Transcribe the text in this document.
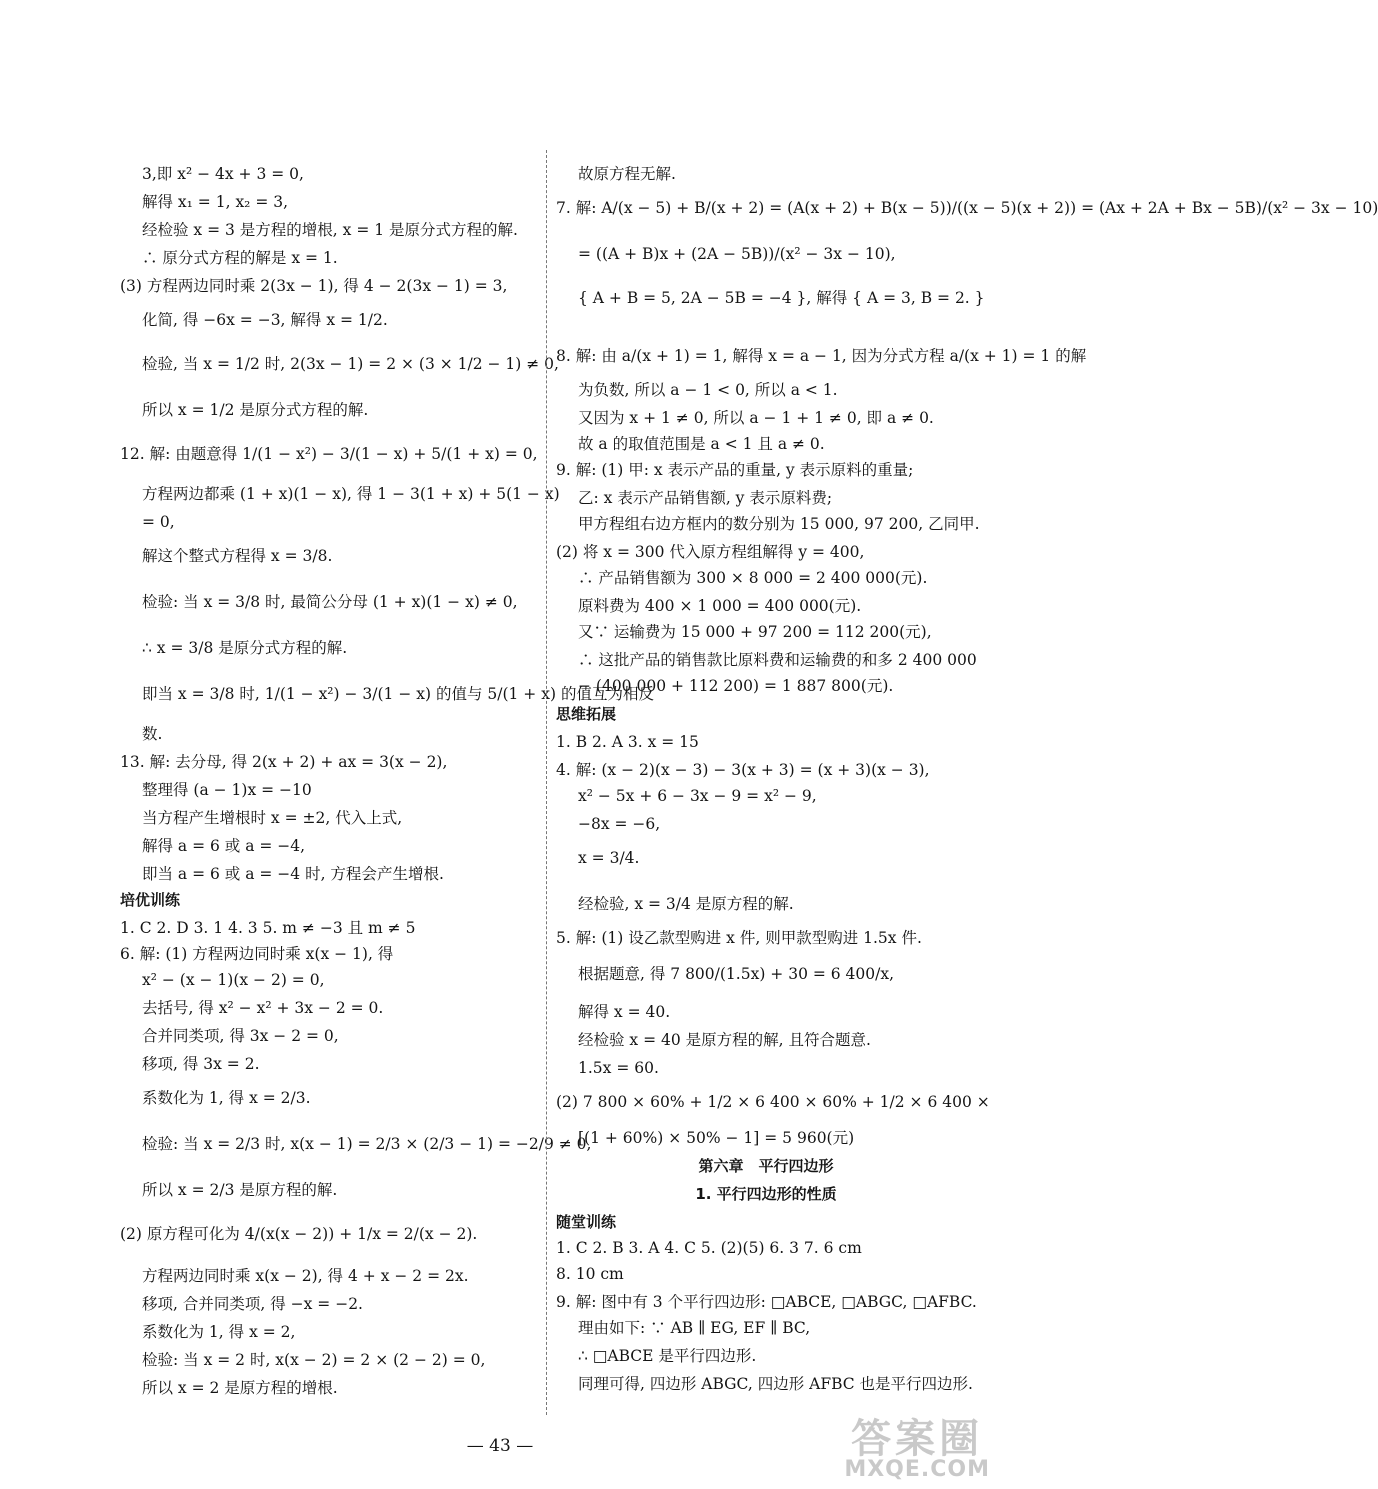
3,即 x² − 4x + 3 = 0,
解得 x₁ = 1, x₂ = 3,
经检验 x = 3 是方程的增根, x = 1 是原分式方程的解.
∴ 原分式方程的解是 x = 1.
(3) 方程两边同时乘 2(3x − 1), 得 4 − 2(3x − 1) = 3,
化简, 得 −6x = −3, 解得 x = 1/2.
检验, 当 x = 1/2 时, 2(3x − 1) = 2 × (3 × 1/2 − 1) ≠ 0,
所以 x = 1/2 是原分式方程的解.
12. 解: 由题意得 1/(1 − x²) − 3/(1 − x) + 5/(1 + x) = 0,
方程两边都乘 (1 + x)(1 − x), 得 1 − 3(1 + x) + 5(1 − x)
= 0,
解这个整式方程得 x = 3/8.
检验: 当 x = 3/8 时, 最简公分母 (1 + x)(1 − x) ≠ 0,
∴ x = 3/8 是原分式方程的解.
即当 x = 3/8 时, 1/(1 − x²) − 3/(1 − x) 的值与 5/(1 + x) 的值互为相反
数.
13. 解: 去分母, 得 2(x + 2) + ax = 3(x − 2),
整理得 (a − 1)x = −10
当方程产生增根时 x = ±2, 代入上式,
解得 a = 6 或 a = −4,
即当 a = 6 或 a = −4 时, 方程会产生增根.
培优训练
1. C 2. D 3. 1 4. 3 5. m ≠ −3 且 m ≠ 5
6. 解: (1) 方程两边同时乘 x(x − 1), 得
x² − (x − 1)(x − 2) = 0,
去括号, 得 x² − x² + 3x − 2 = 0.
合并同类项, 得 3x − 2 = 0,
移项, 得 3x = 2.
系数化为 1, 得 x = 2/3.
检验: 当 x = 2/3 时, x(x − 1) = 2/3 × (2/3 − 1) = −2/9 ≠ 0,
所以 x = 2/3 是原方程的解.
(2) 原方程可化为 4/(x(x − 2)) + 1/x = 2/(x − 2).
方程两边同时乘 x(x − 2), 得 4 + x − 2 = 2x.
移项, 合并同类项, 得 −x = −2.
系数化为 1, 得 x = 2,
检验: 当 x = 2 时, x(x − 2) = 2 × (2 − 2) = 0,
所以 x = 2 是原方程的增根.
故原方程无解.
7. 解: A/(x − 5) + B/(x + 2) = (A(x + 2) + B(x − 5))/((x − 5)(x + 2)) = (Ax + 2A + Bx − 5B)/(x² − 3x − 10)
= ((A + B)x + (2A − 5B))/(x² − 3x − 10),
{ A + B = 5, 2A − 5B = −4 }, 解得 { A = 3, B = 2. }
8. 解: 由 a/(x + 1) = 1, 解得 x = a − 1, 因为分式方程 a/(x + 1) = 1 的解
为负数, 所以 a − 1 < 0, 所以 a < 1.
又因为 x + 1 ≠ 0, 所以 a − 1 + 1 ≠ 0, 即 a ≠ 0.
故 a 的取值范围是 a < 1 且 a ≠ 0.
9. 解: (1) 甲: x 表示产品的重量, y 表示原料的重量;
乙: x 表示产品销售额, y 表示原料费;
甲方程组右边方框内的数分别为 15 000, 97 200, 乙同甲.
(2) 将 x = 300 代入原方程组解得 y = 400,
∴ 产品销售额为 300 × 8 000 = 2 400 000(元).
原料费为 400 × 1 000 = 400 000(元).
又∵ 运输费为 15 000 + 97 200 = 112 200(元),
∴ 这批产品的销售款比原料费和运输费的和多 2 400 000
− (400 000 + 112 200) = 1 887 800(元).
思维拓展
1. B 2. A 3. x = 15
4. 解: (x − 2)(x − 3) − 3(x + 3) = (x + 3)(x − 3),
x² − 5x + 6 − 3x − 9 = x² − 9,
−8x = −6,
x = 3/4.
经检验, x = 3/4 是原方程的解.
5. 解: (1) 设乙款型购进 x 件, 则甲款型购进 1.5x 件.
根据题意, 得 7 800/(1.5x) + 30 = 6 400/x,
解得 x = 40.
经检验 x = 40 是原方程的解, 且符合题意.
1.5x = 60.
(2) 7 800 × 60% + 1/2 × 6 400 × 60% + 1/2 × 6 400 ×
[(1 + 60%) × 50% − 1] = 5 960(元)
第六章　平行四边形
1. 平行四边形的性质
随堂训练
1. C 2. B 3. A 4. C 5. (2)(5) 6. 3 7. 6 cm
8. 10 cm
9. 解: 图中有 3 个平行四边形: □ABCE, □ABGC, □AFBC.
理由如下: ∵ AB ∥ EG, EF ∥ BC,
∴ □ABCE 是平行四边形.
同理可得, 四边形 ABGC, 四边形 AFBC 也是平行四边形.
— 43 —	答案圈
MXQE.COM
